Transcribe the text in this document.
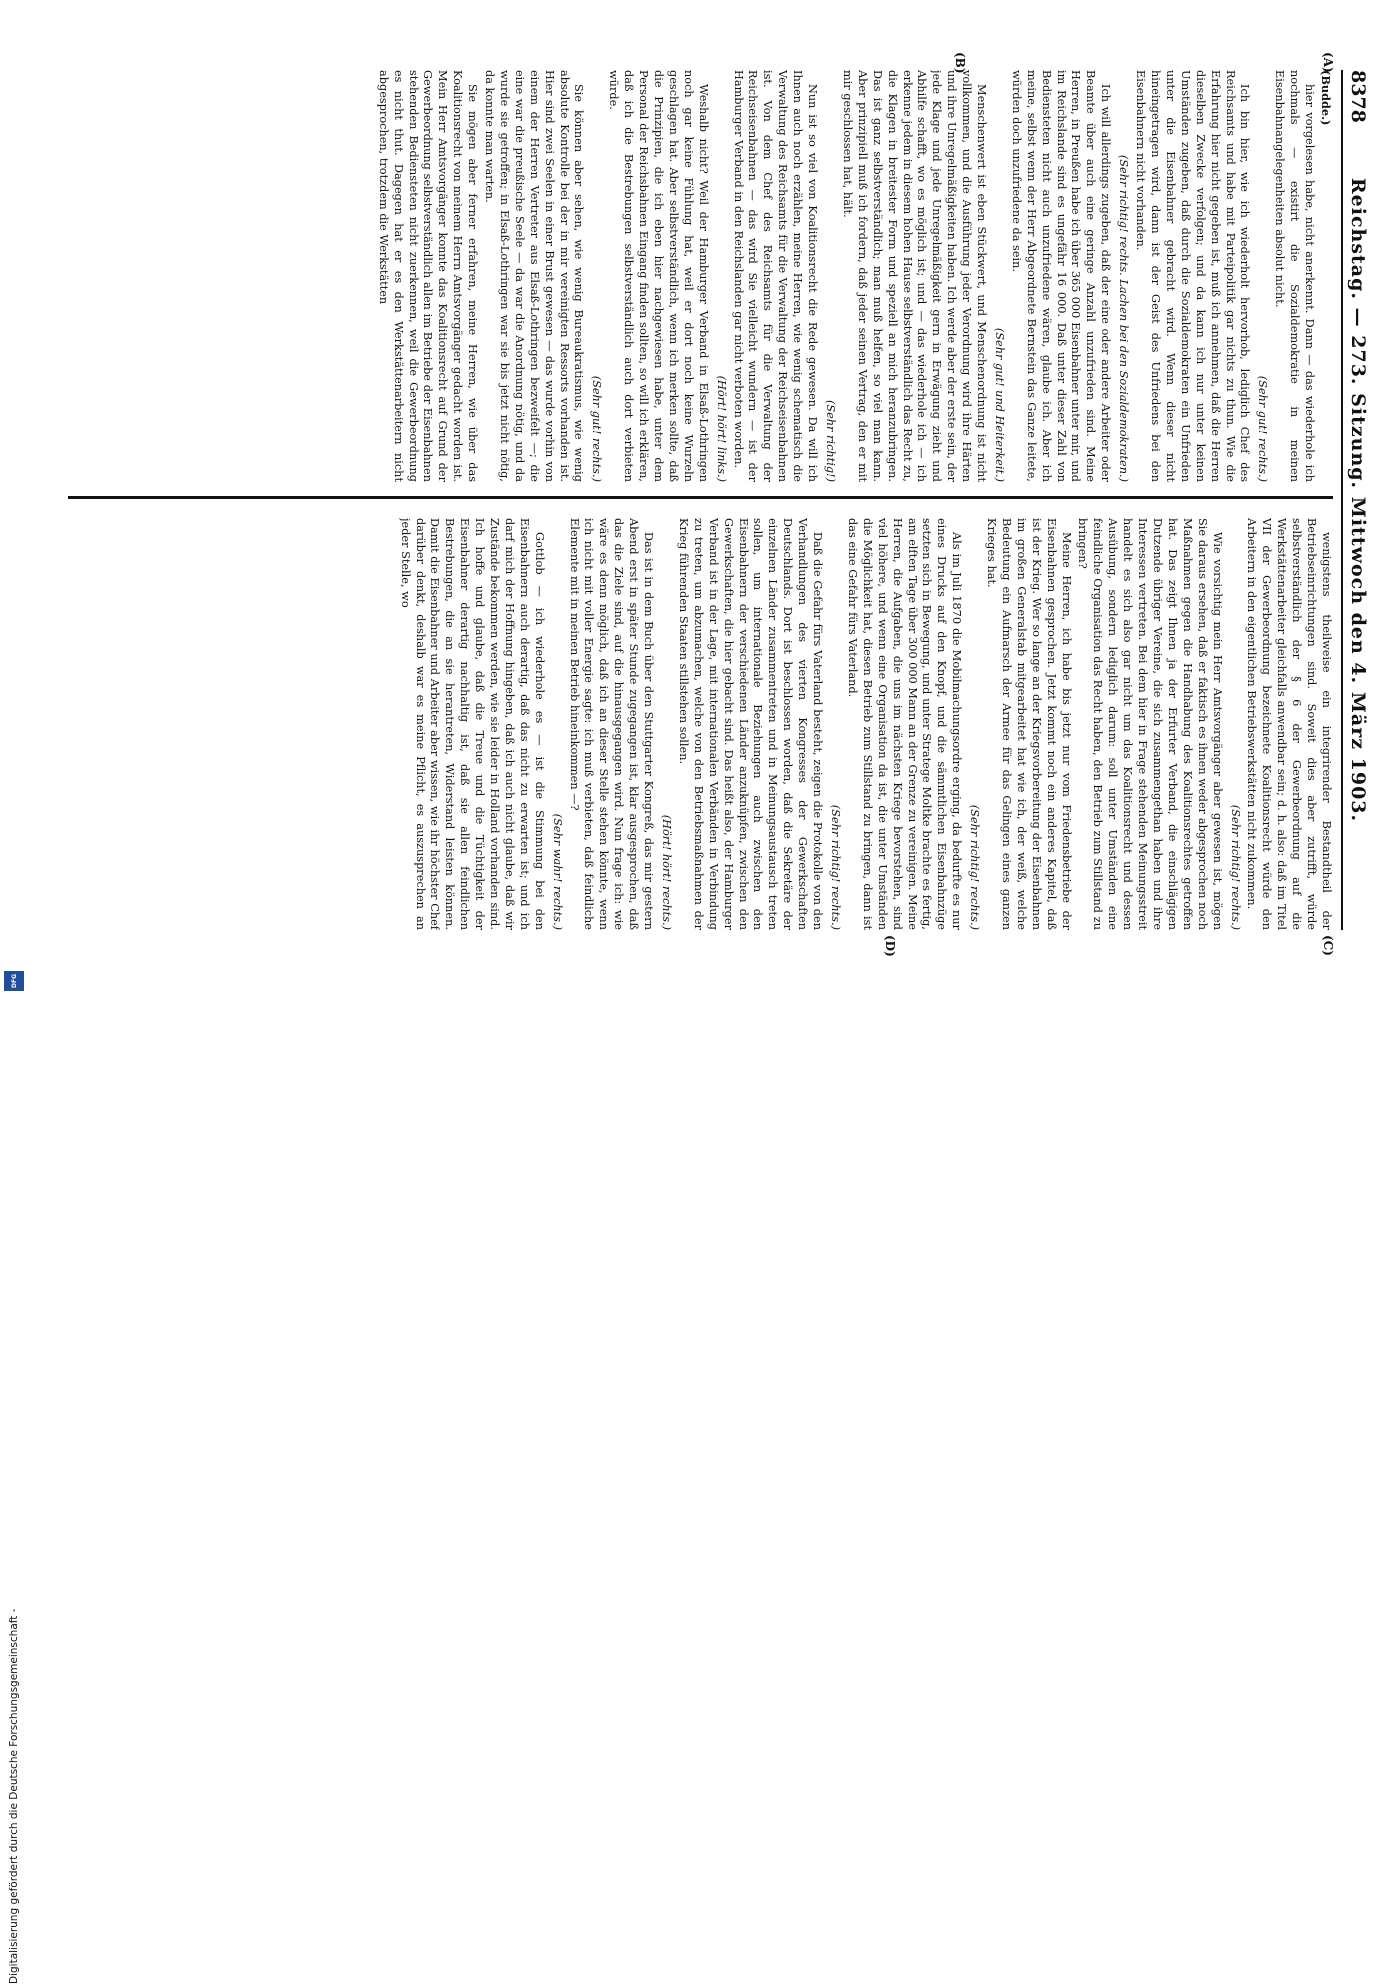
8378
Reichstag. — 273. Sitzung. Mittwoch den 4. März 1903.
(A)
(B)
(C)
(D)

(Budde.)

hier vorgelesen habe, nicht anerkennt. Dann — das wiederhole ich nochmals — existirt die Sozialdemokratie in meinen Eisenbahnangelegenheiten absolut nicht.

(Sehr gut! rechts.)

Ich bin hier, wie ich wiederholt hervorhob, lediglich Chef des Reichsamts und habe mit Parteipolitik gar nichts zu thun. Wie die Erfahrung hier nicht gegeben ist, muß ich annehmen, daß die Herren dieselben Zwecke verfolgen; und da kann ich nur unter keinen Umständen zugeben, daß durch die Sozialdemokraten ein Unfrieden unter die Eisenbahner gebracht wird. Wenn dieser nicht hineingetragen wird, dann ist der Geist des Unfriedens bei den Eisenbahnern nicht vorhanden.

(Sehr richtig! rechts. Lachen bei den Sozialdemokraten.)

Ich will allerdings zugeben, daß der eine oder andere Arbeiter oder Beamte über auch eine geringe Anzahl unzufrieden sind. Meine Herren, in Preußen habe ich über 365 000 Eisenbahner unter mir, und im Reichslande sind es ungefähr 16 000. Daß unter dieser Zahl von Bediensteten nicht auch unzufriedene wären, glaube ich. Aber ich meine, selbst wenn der Herr Abgeordnete Bernstein das Ganze leitete, würden doch unzufriedene da sein.

(Sehr gut! und Heiterkeit.)

Menschenwert ist eben Stückwert, und Menschenordnung ist nicht vollkommen, und die Ausführung jeder Verordnung wird ihre Härten und ihre Unregelmäßigkeiten haben. Ich werde aber der erste sein, der jede Klage und jede Unregelmäßigkeit gern in Erwägung zieht und Abhilfe schafft, wo es möglich ist; und — das wiederhole ich — ich erkenne jedem in diesem hohen Hause selbstverständlich das Recht zu, die Klagen in breitester Form und speziell an mich heranzubringen. Das ist ganz selbstverständlich; man muß helfen, so viel man kann. Aber prinzipiell muß ich fordern, daß jeder seinen Vertrag, den er mit mir geschlossen hat, hält.

(Sehr richtig!)

Nun ist so viel von Koalitionsrecht die Rede gewesen. Da will ich Ihnen auch noch erzählen, meine Herren, wie wenig schematisch die Verwaltung des Reichsamts für die Verwaltung der Reichseisenbahnen ist. Von dem Chef des Reichsamts für die Verwaltung der Reichseisenbahnen — das wird Sie vielleicht wundern — ist der Hamburger Verband in den Reichslanden gar nicht verboten worden.

(Hört! hört! links.)

Weshalb nicht? Weil der Hamburger Verband in Elsaß-Lothringen noch gar keine Fühlung hat, weil er dort noch keine Wurzeln geschlagen hat. Aber selbstverständlich, wenn ich merken sollte, daß die Prinzipien, die ich eben hier nachgewiesen habe, unter dem Personal der Reichsbahnen Eingang finden sollten, so will ich erklären, daß ich die Bestrebungen selbstverständlich auch dort verbieten würde.

(Sehr gut! rechts.)

Sie können aber sehen, wie wenig Bureaukratismus, wie wenig absolute Kontrolle bei der in mir vereinigten Ressorts vorhanden ist. Hier sind zwei Seelen in einer Brust gewesen — das wurde vorhin von einem der Herren Vertreter aus Elsaß-Lothringen bezweifelt —; die eine war die preußische Seele — da war die Anordnung nötig, und da wurde sie getroffen; in Elsaß-Lothringen war sie bis jetzt nicht nötig, da konnte man warten.

Sie mögen aber ferner erfahren, meine Herren, wie über das Koalitionsrecht von meinem Herrn Amtsvorgänger gedacht worden ist. Mein Herr Amtsvorgänger konnte das Koalitionsrecht auf Grund der Gewerbeordnung selbstverständlich allen im Betriebe der Eisenbahnen stehenden Bediensteten nicht zuerkennen, weil die Gewerbeordnung es nicht thut. Dagegen hat er es den Werkstättenarbeitern nicht abgesprochen, trotzdem die Werkstätten

wenigstens theilweise ein integrirender Bestandtheil der Betriebseinrichtungen sind. Soweit dies aber zutrifft, würde selbstverständlich der § 6 der Gewerbeordnung auf die Werkstättenarbeiter gleichfalls anwendbar sein; d. h. also: daß im Titel VII der Gewerbeordnung bezeichnete Koalitionsrecht würde den Arbeitern in den eigentlichen Betriebswerkstätten nicht zukommen.

(Sehr richtig! rechts.)

Wie vorsichtig mein Herr Amtsvorgänger aber gewesen ist, mögen Sie daraus ersehen, daß er faktisch es ihnen weder abgesprochen noch Maßnahmen gegen die Handhabung des Koalitionsrechtes getroffen hat. Das zeigt Ihnen ja der Erfurter Verband, die einschlägigen Dutzende übriger Vereine, die sich zusammengethan haben und ihre Interessen vertreten. Bei dem hier in Frage stehenden Meinungsstreit handelt es sich also gar nicht um das Koalitionsrecht und dessen Ausübung, sondern lediglich darum: soll unter Umständen eine feindliche Organisation das Recht haben, den Betrieb zum Stillstand zu bringen?

Meine Herren, ich habe bis jetzt nur vom Friedensbetriebe der Eisenbahnen gesprochen. Jetzt kommt noch ein anderes Kapitel, daß ist der Krieg. Wer so lange an der Kriegsvorbereitung der Eisenbahnen im großen Generalstab mitgearbeitet hat wie ich, der weiß, welche Bedeutung ein Aufmarsch der Armee für das Gelingen eines ganzen Krieges hat.

(Sehr richtig! rechts.)

Als im Juli 1870 die Mobilmachungsordre erging, da bedurfte es nur eines Drucks auf den Knopf, und die sämmtlichen Eisenbahnzüge setzten sich in Bewegung, und unter Stratege Moltke brachte es fertig, am elften Tage über 300 000 Mann an der Grenze zu vereinigen. Meine Herren, die Aufgaben, die uns im nächsten Kriege bevorstehen, sind viel höhere, und wenn eine Organisation da ist, die unter Umständen die Möglichkeit hat, diesen Betrieb zum Stillstand zu bringen, dann ist das eine Gefahr fürs Vaterland.

(Sehr richtig! rechts.)

Daß die Gefahr fürs Vaterland besteht, zeigen die Protokolle von den Verhandlungen des vierten Kongresses der Gewerkschaften Deutschlands. Dort ist beschlossen worden, daß die Sekretäre der einzelnen Länder zusammentreten und in Meinungsaustausch treten sollen, um internationale Beziehungen auch zwischen den Eisenbahnern der verschiedenen Länder anzuknüpfen, zwischen den Gewerkschaften, die hier gebacht sind. Das heißt also, der Hamburger Verband ist in der Lage, mit internationalen Verbänden in Verbindung zu treten, um abzumachen, welche von den Betriebsmaßnahmen der Krieg führenden Staaten stillstehen sollen.

(Hört! hört! rechts.)

Das ist in dem Buch über den Stuttgarter Kongreß, das mir gestern Abend erst in später Stunde zugegangen ist, klar ausgesprochen, daß das die Ziele sind, auf die hinausgegangen wird. Nun frage ich: wie wäre es denn möglich, daß ich an dieser Stelle stehen könnte, wenn ich nicht mit voller Energie sagte: ich muß verbieten, daß feindliche Elemente mit in meinen Betrieb hineinkommen —?

(Sehr wahr! rechts.)

Gottlob — ich wiederhole es — ist die Stimmung bei den Eisenbahnern auch derartig, daß das nicht zu erwarten ist; und ich darf mich der Hoffnung hingeben, daß ich auch nicht glaube, daß wir Zustände bekommen werden, wie sie leider in Holland vorhanden sind. Ich hoffe und glaube, daß die Treue und die Tüchtigkeit der Eisenbahner derartig nachhaltig ist, daß sie allen feindlichen Bestrebungen, die an sie herantreten, Widerstand leisten können. Damit die Eisenbahner und Arbeiter aber wissen, wie ihr höchster Chef darüber denkt, deshalb war es meine Pflicht, es auszusprechen an jeder Stelle, wo

Digitalisierung gefördert durch die Deutsche Forschungsgemeinschaft -
DFG
